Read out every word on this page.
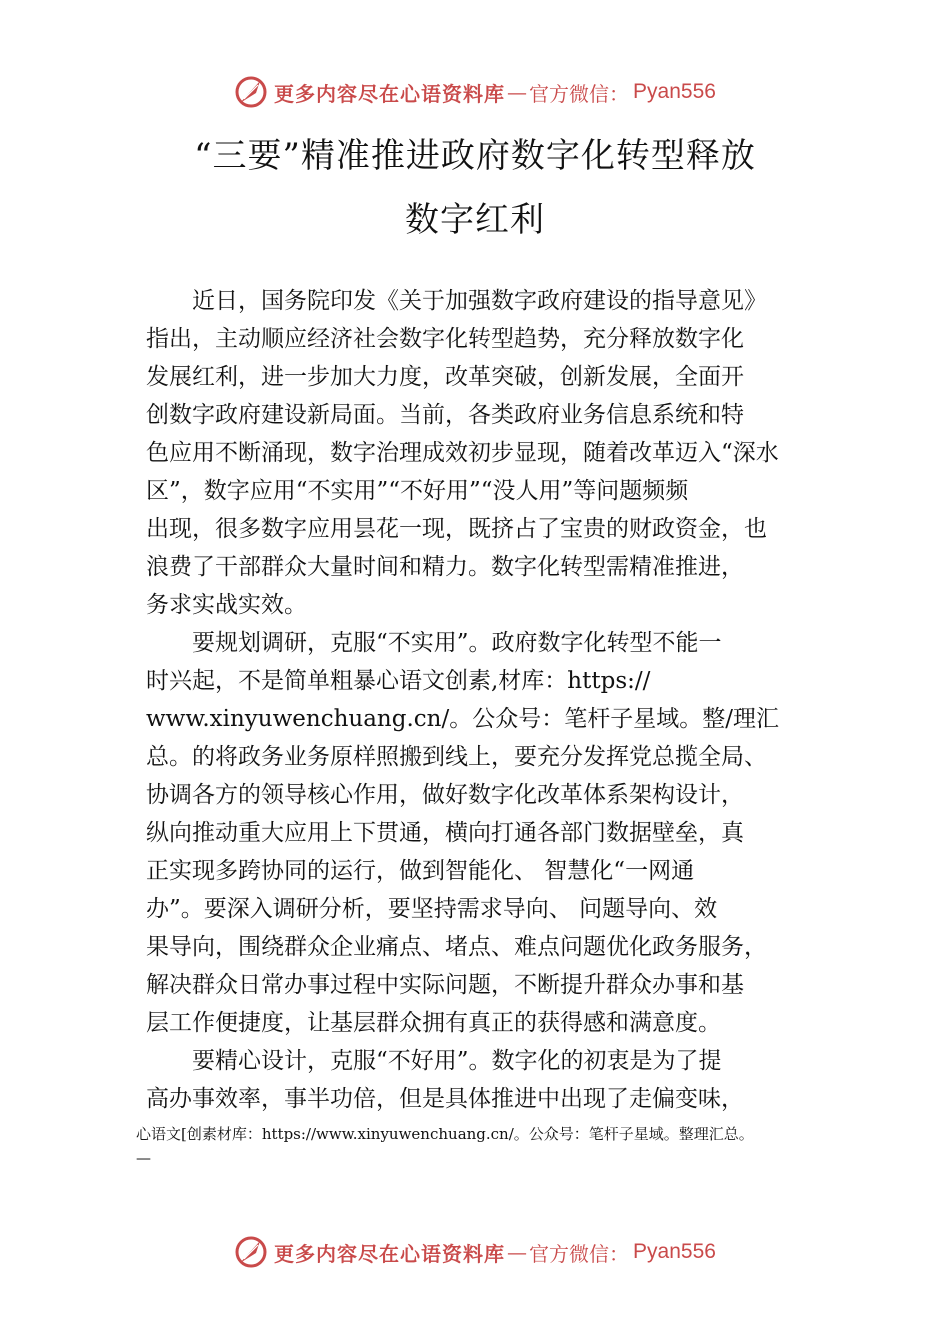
更多内容尽在心语资料库 — 官方微信： Pyan556
“三要”精准推进政府数字化转型释放
数字红利
　　近日，国务院印发《关于加强数字政府建设的指导意见》
指出，主动顺应经济社会数字化转型趋势，充分释放数字化
发展红利，进一步加大力度，改革突破，创新发展，全面开
创数字政府建设新局面。当前，各类政府业务信息系统和特
色应用不断涌现，数字治理成效初步显现，随着改革迈入“深水
区”，数字应用“不实用”“不好用”“没人用”等问题频频
出现，很多数字应用昙花一现，既挤占了宝贵的财政资金，也
浪费了干部群众大量时间和精力。数字化转型需精准推进，
务求实战实效。
　　要规划调研，克服“不实用”。政府数字化转型不能一
时兴起，不是简单粗暴心语文创素,材库：https://
www.xinyuwenchuang.cn/。公众号：笔杆子星域。整/理汇
总。的将政务业务原样照搬到线上，要充分发挥党总揽全局、
协调各方的领导核心作用，做好数字化改革体系架构设计，
纵向推动重大应用上下贯通，横向打通各部门数据壁垒，真
正实现多跨协同的运行，做到智能化、 智慧化“一网通
办”。要深入调研分析，要坚持需求导向、 问题导向、效
果导向，围绕群众企业痛点、堵点、难点问题优化政务服务，
解决群众日常办事过程中实际问题，不断提升群众办事和基
层工作便捷度，让基层群众拥有真正的获得感和满意度。
　　要精心设计，克服“不好用”。数字化的初衷是为了提
高办事效率，事半功倍，但是具体推进中出现了走偏变味，
心语文[创素材库：https://www.xinyuwenchuang.cn/。公众号：笔杆子星域。整理汇总。
—
更多内容尽在心语资料库 — 官方微信： Pyan556
